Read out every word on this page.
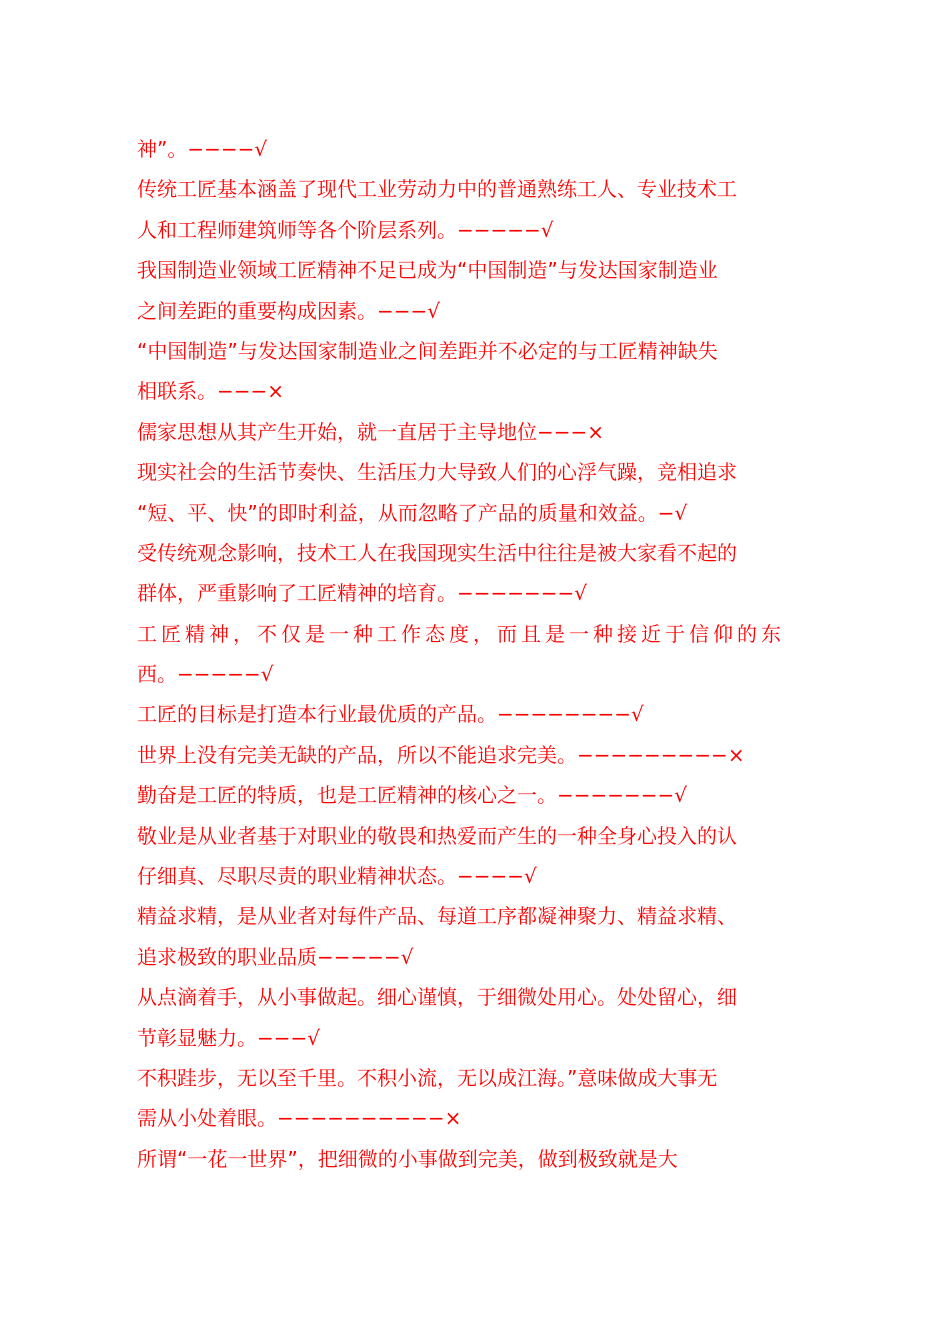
神”。−−−−√
传统工匠基本涵盖了现代工业劳动力中的普通熟练工人、专业技术工
人和工程师建筑师等各个阶层系列。−−−−−√
我国制造业领域工匠精神不足已成为“中国制造”与发达国家制造业
之间差距的重要构成因素。−−−√
“中国制造”与发达国家制造业之间差距并不必定的与工匠精神缺失
相联系。−−−×
儒家思想从其产生开始，就一直居于主导地位−−−×
现实社会的生活节奏快、生活压力大导致人们的心浮气躁，竞相追求
“短、平、快”的即时利益，从而忽略了产品的质量和效益。−√
受传统观念影响，技术工人在我国现实生活中往往是被大家看不起的
群体，严重影响了工匠精神的培育。−−−−−−−√
工匠精神，不仅是一种工作态度，而且是一种接近于信仰的东
西。−−−−−√
工匠的目标是打造本行业最优质的产品。−−−−−−−−√
世界上没有完美无缺的产品，所以不能追求完美。−−−−−−−−−×
勤奋是工匠的特质，也是工匠精神的核心之一。−−−−−−−√
敬业是从业者基于对职业的敬畏和热爱而产生的一种全身心投入的认
仔细真、尽职尽责的职业精神状态。−−−−√
精益求精，是从业者对每件产品、每道工序都凝神聚力、精益求精、
追求极致的职业品质−−−−−√
从点滴着手，从小事做起。细心谨慎，于细微处用心。处处留心，细
节彰显魅力。−−−√
不积跬步，无以至千里。不积小流，无以成江海。”意味做成大事无
需从小处着眼。−−−−−−−−−−×
所谓“一花一世界”，把细微的小事做到完美，做到极致就是大
